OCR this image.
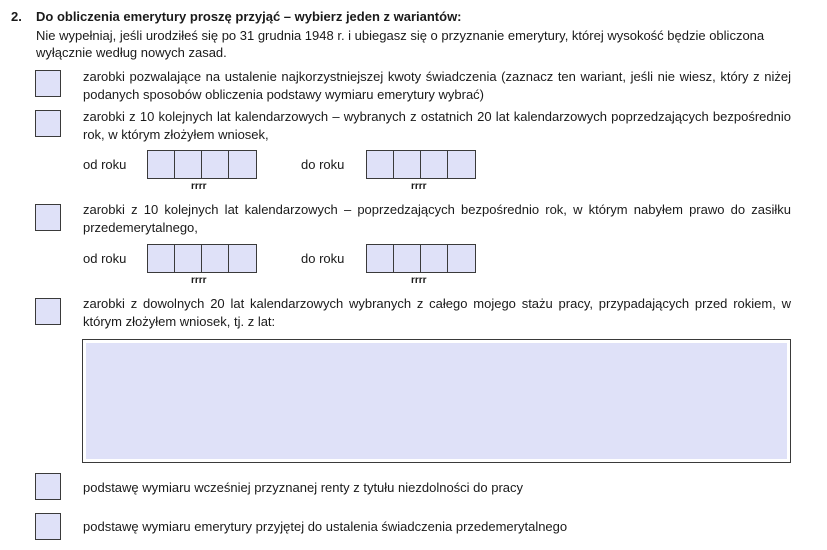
2. Do obliczenia emerytury proszę przyjąć – wybierz jeden z wariantów:
Nie wypełniaj, jeśli urodziłeś się po 31 grudnia 1948 r. i ubiegasz się o przyznanie emerytury, której wysokość będzie obliczona wyłącznie według nowych zasad.
zarobki pozwalające na ustalenie najkorzystniejszej kwoty świadczenia (zaznacz ten wariant, jeśli nie wiesz, który z niżej podanych sposobów obliczenia podstawy wymiaru emerytury wybrać)
zarobki z 10 kolejnych lat kalendarzowych – wybranych z ostatnich 20 lat kalendarzowych poprzedzających bezpośrednio rok, w którym złożyłem wniosek,
od roku
rrrr
do roku
rrrr
zarobki z 10 kolejnych lat kalendarzowych – poprzedzających bezpośrednio rok, w którym nabyłem prawo do zasiłku przedemerytalnego,
od roku
rrrr
do roku
rrrr
zarobki z dowolnych 20 lat kalendarzowych wybranych z całego mojego stażu pracy, przypadających przed rokiem, w którym złożyłem wniosek, tj. z lat:
podstawę wymiaru wcześniej przyznanej renty z tytułu niezdolności do pracy
podstawę wymiaru emerytury przyjętej do ustalenia świadczenia przedemerytalnego
